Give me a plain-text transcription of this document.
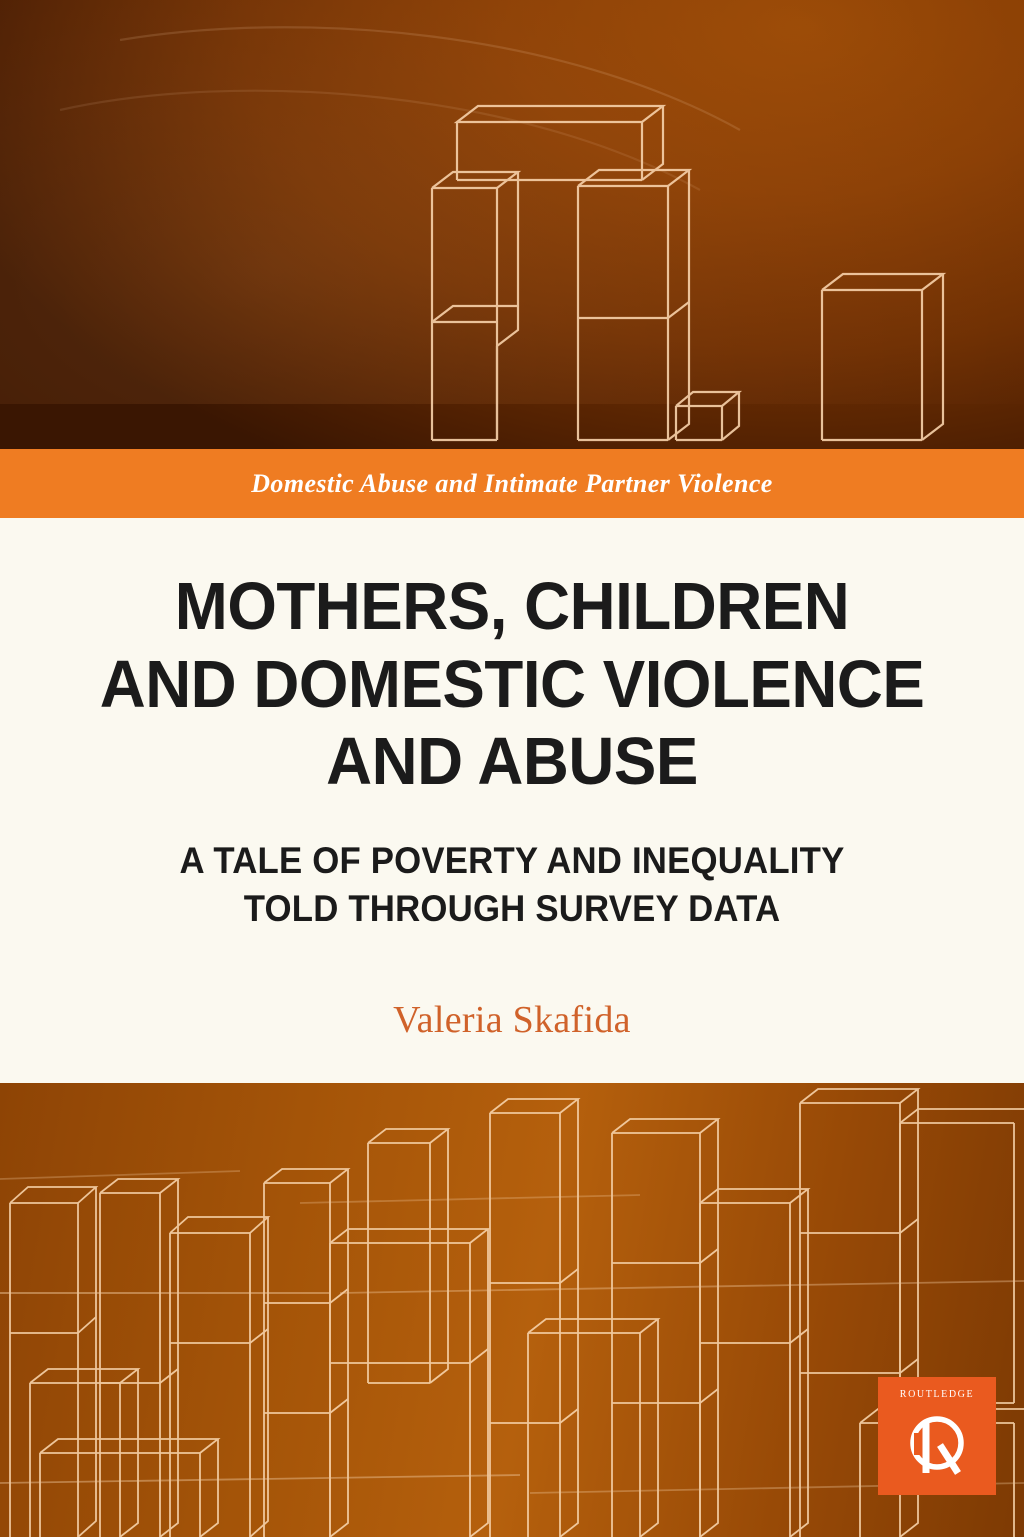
Domestic Abuse and Intimate Partner Violence
MOTHERS, CHILDREN
AND DOMESTIC VIOLENCE
AND ABUSE
A TALE OF POVERTY AND INEQUALITY
TOLD THROUGH SURVEY DATA
Valeria Skafida
ROUTLEDGE
